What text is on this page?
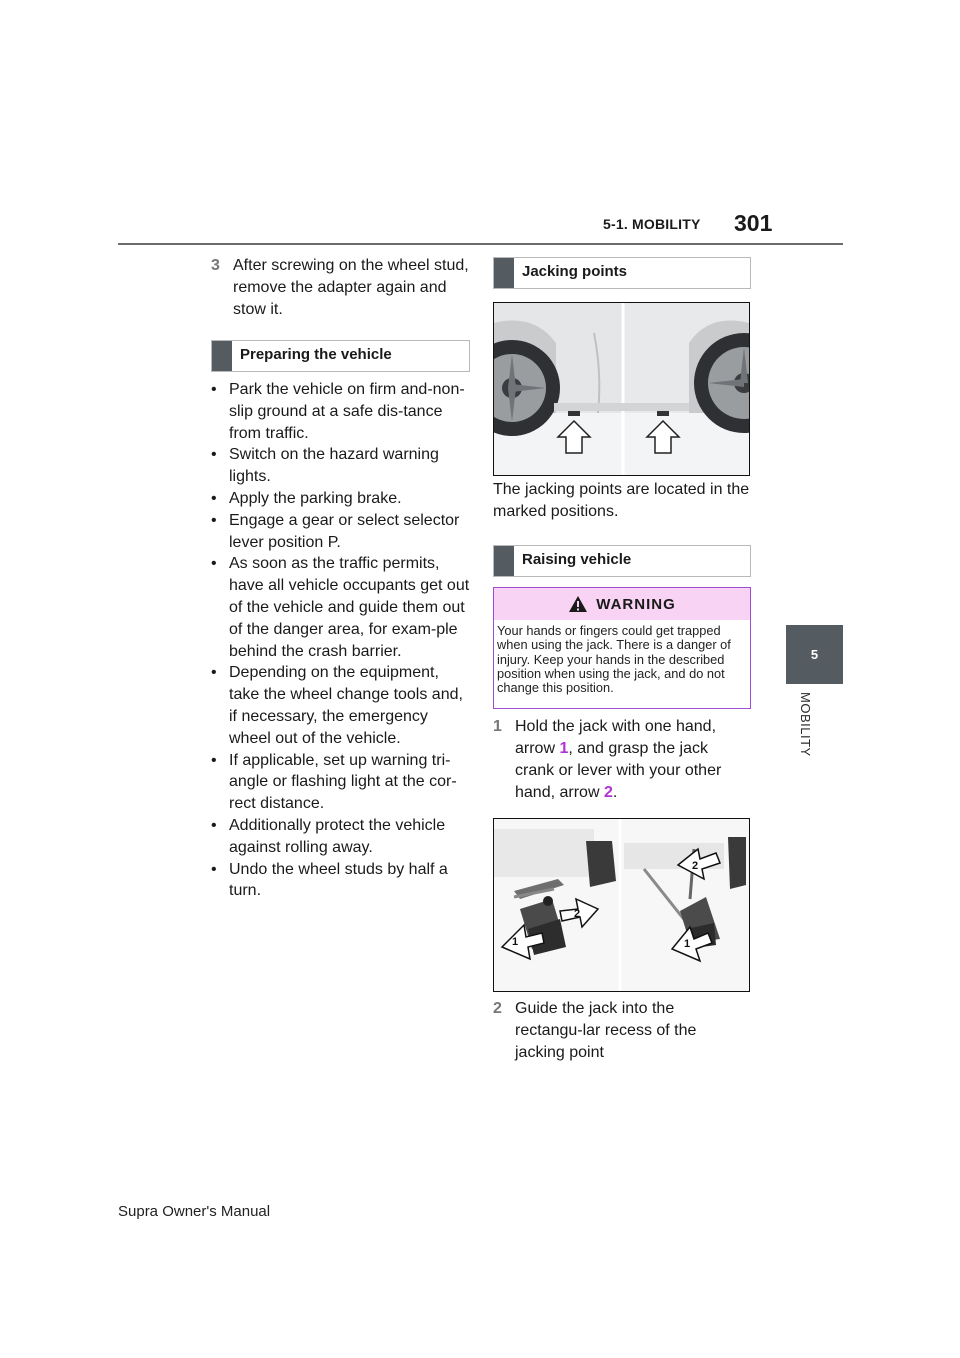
5-1. MOBILITY 301
5
MOBILITY
3 After screwing on the wheel stud, remove the adapter again and stow it.
Preparing the vehicle
• Park the vehicle on firm and-non-slip ground at a safe dis-tance from traffic.
• Switch on the hazard warning lights.
• Apply the parking brake.
• Engage a gear or select selector lever position P.
• As soon as the traffic permits, have all vehicle occupants get out of the vehicle and guide them out of the danger area, for exam-ple behind the crash barrier.
• Depending on the equipment, take the wheel change tools and, if necessary, the emergency wheel out of the vehicle.
• If applicable, set up warning tri-angle or flashing light at the cor-rect distance.
• Additionally protect the vehicle against rolling away.
• Undo the wheel studs by half a turn.
Jacking points
The jacking points are located in the marked positions.
Raising vehicle
WARNING
Your hands or fingers could get trapped when using the jack. There is a danger of injury. Keep your hands in the described position when using the jack, and do not change this position.
1 Hold the jack with one hand, arrow 1, and grasp the jack crank or lever with your other hand, arrow 2.
1
2
2
1
2 Guide the jack into the rectangu-lar recess of the jacking point
Supra Owner's Manual
